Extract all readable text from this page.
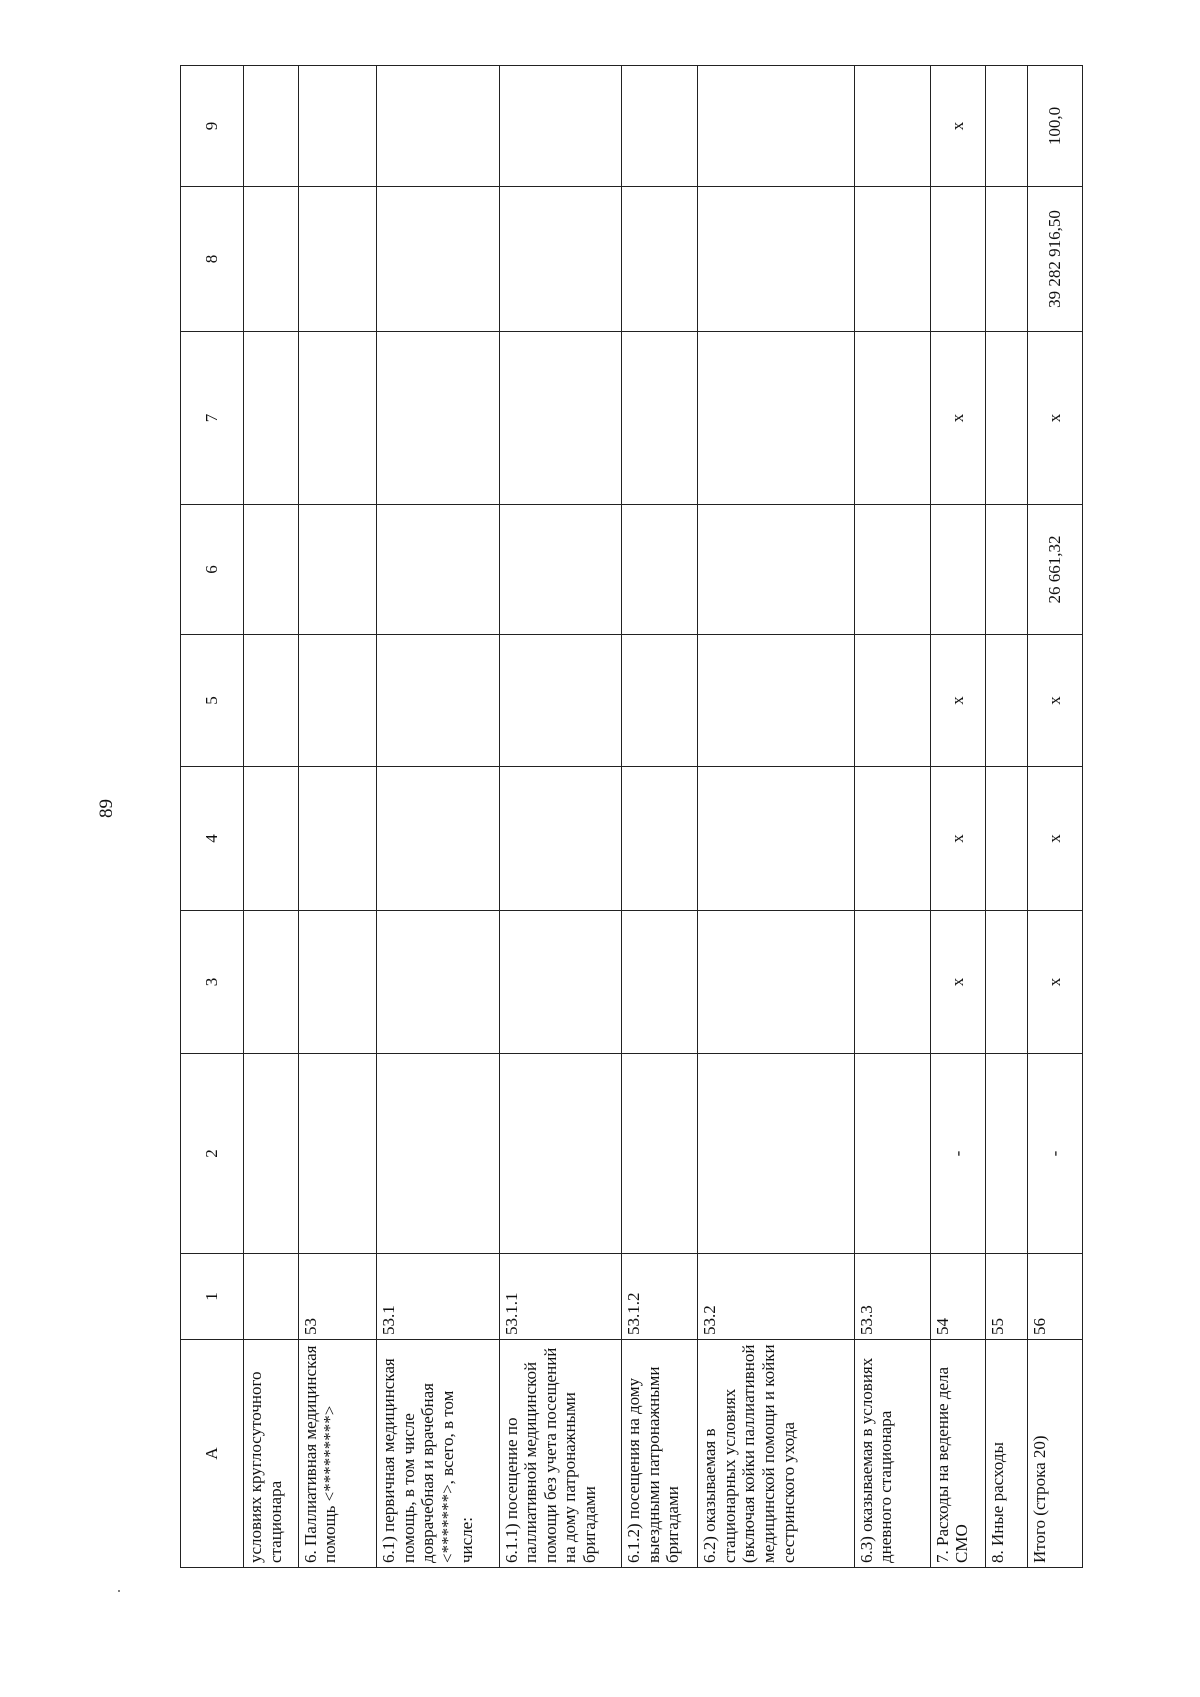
89
A	1	2	3	4	5	6	7	8	9
условиях круглосуточного стационара									
6. Паллиативная медицинская помощь <*********>	53								
6.1) первичная медицинская помощь, в том числе доврачебная и врачебная <*******>, всего, в том числе:	53.1								
6.1.1) посещение по паллиативной медицинской помощи без учета посещений на дому патронажными бригадами	53.1.1								
6.1.2) посещения на дому выездными патронажными бригадами	53.1.2								
6.2) оказываемая в стационарных условиях (включая койки паллиативной медицинской помощи и койки сестринского ухода	53.2								
6.3) оказываемая в условиях дневного стационара	53.3								
7. Расходы на ведение дела СМО	54	-	x	x	x		x		x
8. Иные расходы	55								
Итого (строка 20)	56	-	x	x	x	26 661,32	x	39 282 916,50	100,0
